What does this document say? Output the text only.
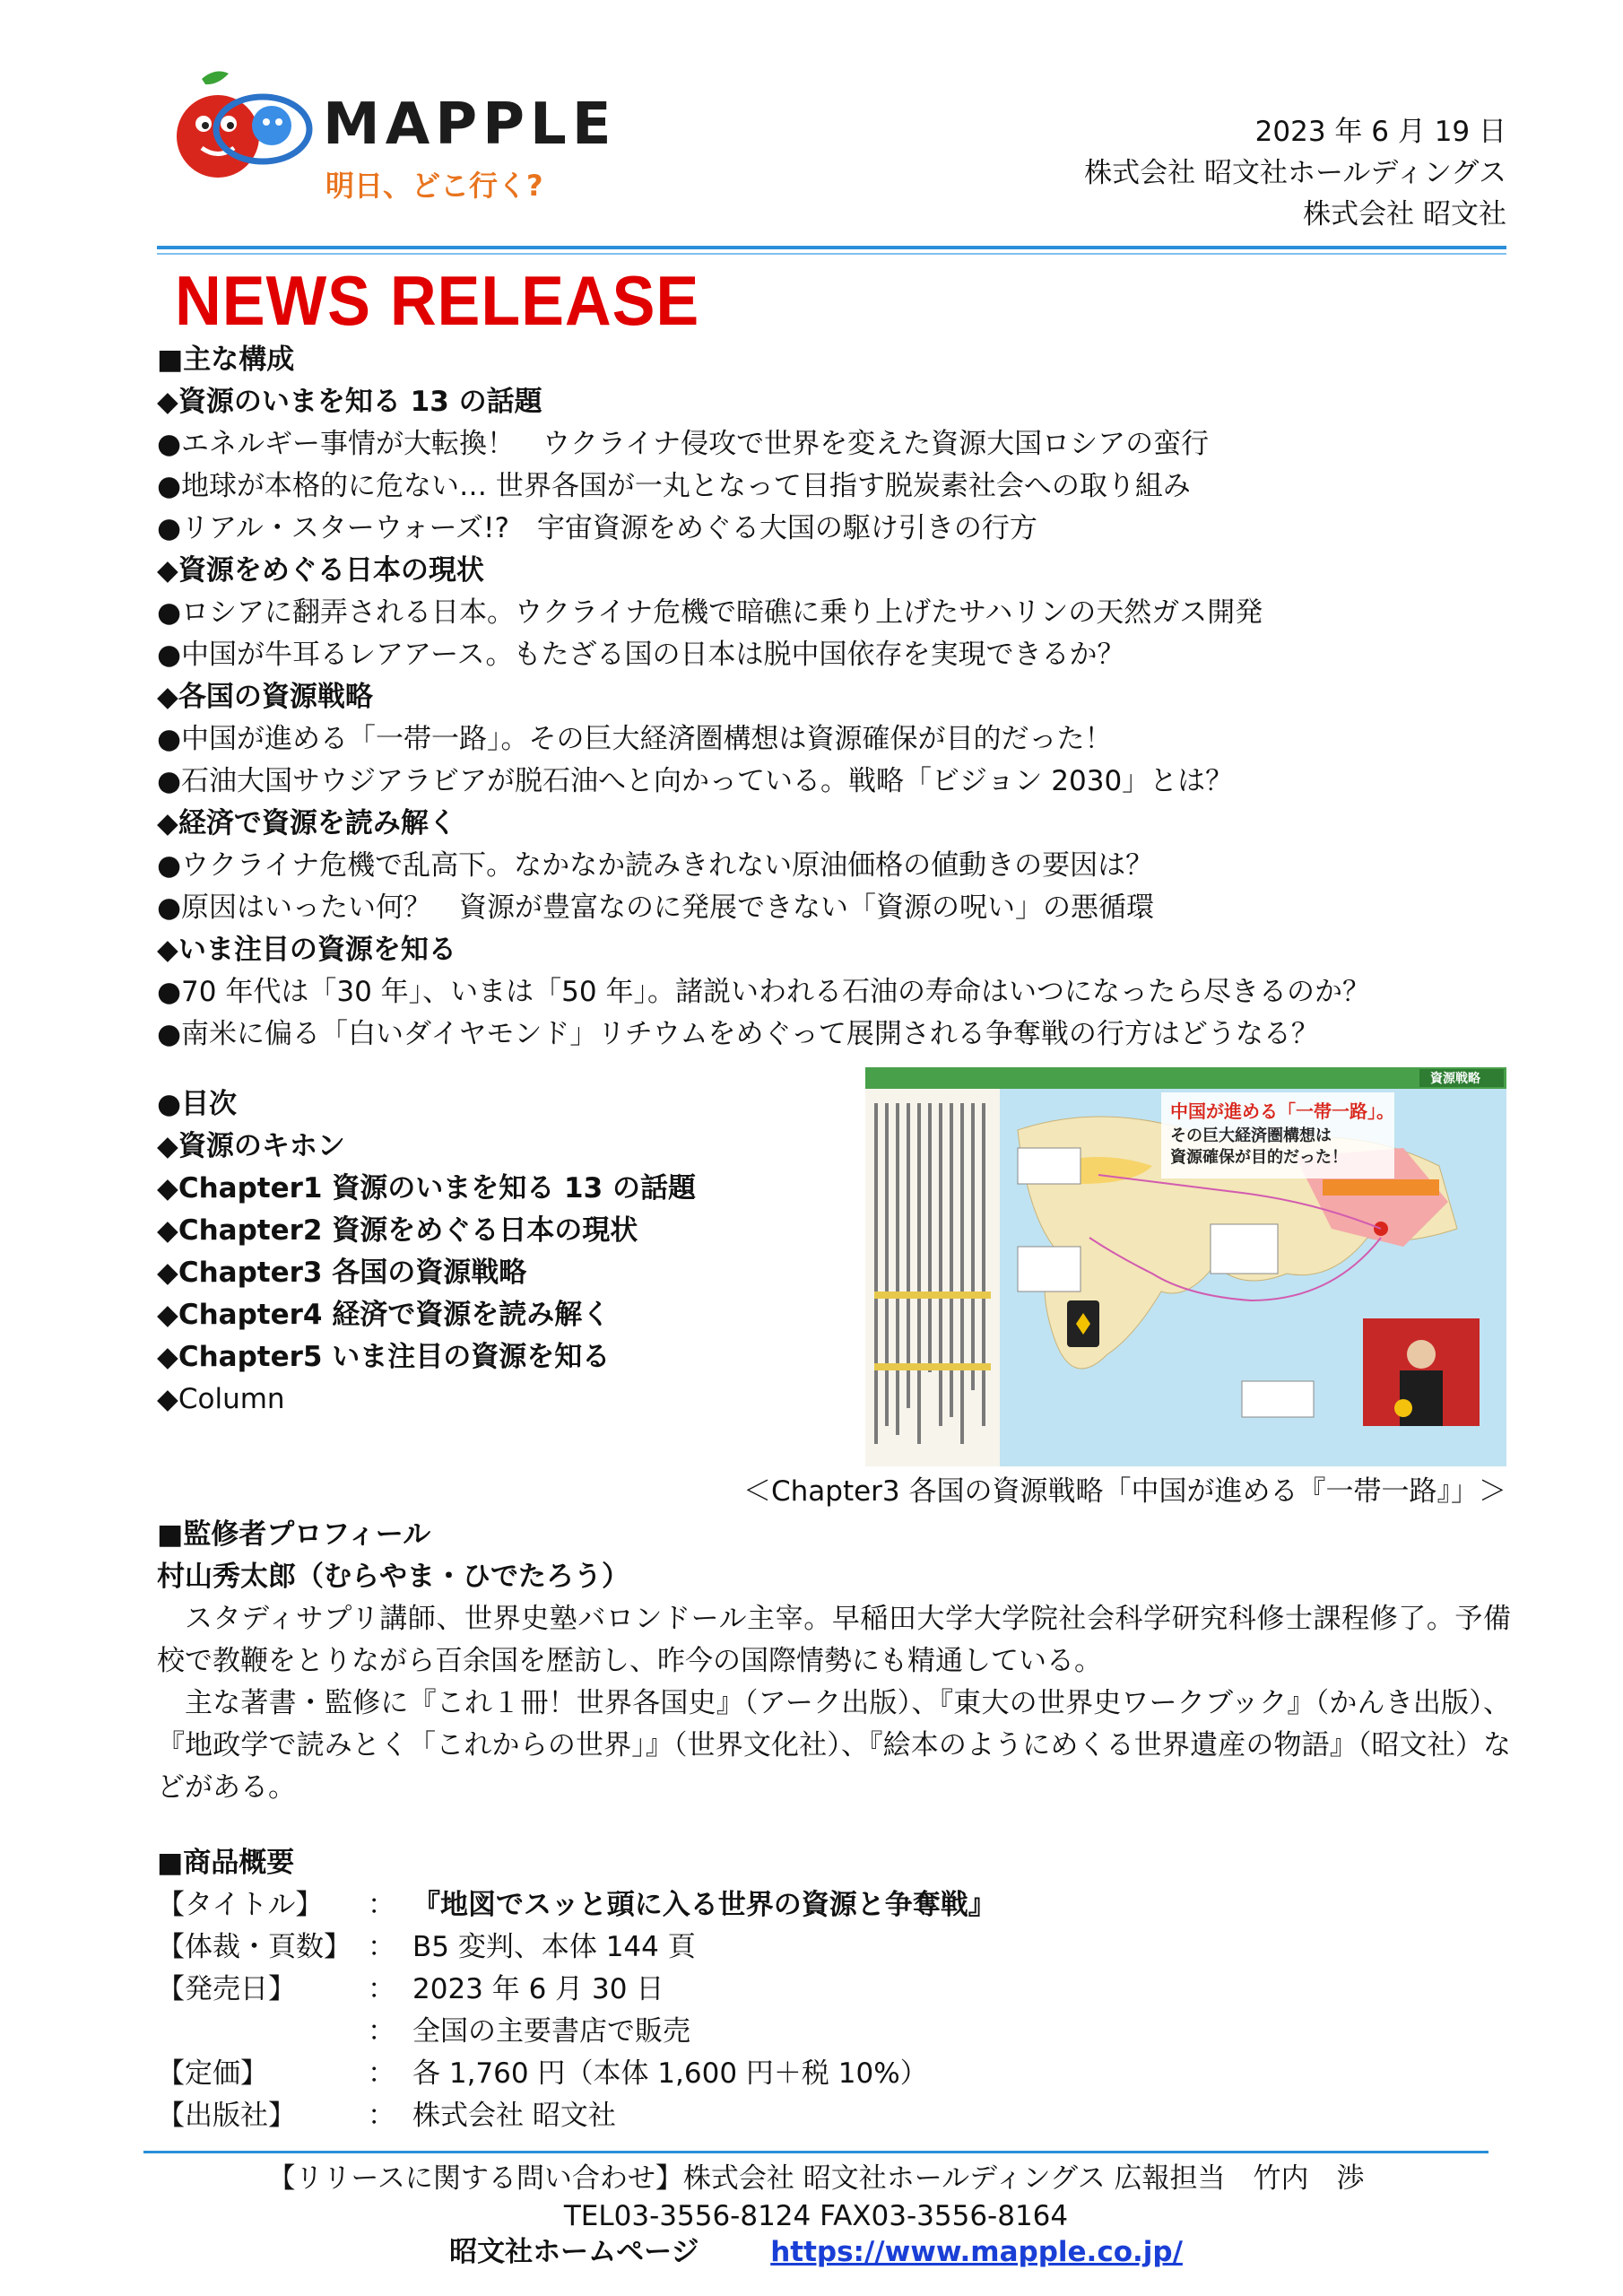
MAPPLE
明日、どこ行く?
2023 年 6 月 19 日
株式会社 昭文社ホールディングス
株式会社 昭文社
NEWS RELEASE
■主な構成
◆資源のいまを知る 13 の話題
●エネルギー事情が大転換！　ウクライナ侵攻で世界を変えた資源大国ロシアの蛮行
●地球が本格的に危ない… 世界各国が一丸となって目指す脱炭素社会への取り組み
●リアル・スターウォーズ!?　宇宙資源をめぐる大国の駆け引きの行方
◆資源をめぐる日本の現状
●ロシアに翻弄される日本。ウクライナ危機で暗礁に乗り上げたサハリンの天然ガス開発
●中国が牛耳るレアアース。もたざる国の日本は脱中国依存を実現できるか？
◆各国の資源戦略
●中国が進める「一帯一路」。その巨大経済圏構想は資源確保が目的だった！
●石油大国サウジアラビアが脱石油へと向かっている。戦略「ビジョン 2030」とは？
◆経済で資源を読み解く
●ウクライナ危機で乱高下。なかなか読みきれない原油価格の値動きの要因は？
●原因はいったい何？　資源が豊富なのに発展できない「資源の呪い」の悪循環
◆いま注目の資源を知る
●70 年代は「30 年」、いまは「50 年」。諸説いわれる石油の寿命はいつになったら尽きるのか？
●南米に偏る「白いダイヤモンド」リチウムをめぐって展開される争奪戦の行方はどうなる？
●目次
◆資源のキホン
◆Chapter1 資源のいまを知る 13 の話題
◆Chapter2 資源をめぐる日本の現状
◆Chapter3 各国の資源戦略
◆Chapter4 経済で資源を読み解く
◆Chapter5 いま注目の資源を知る
◆Column
中国が進める「一帯一路」。
その巨大経済圏構想は
資源確保が目的だった！
資源戦略
＜Chapter3 各国の資源戦略「中国が進める『一帯一路』」＞
■監修者プロフィール
村山秀太郎（むらやま・ひでたろう）
スタディサプリ講師、世界史塾バロンドール主宰。早稲田大学大学院社会科学研究科修士課程修了。予備校で教鞭をとりながら百余国を歴訪し、昨今の国際情勢にも精通している。
主な著書・監修に『これ１冊！世界各国史』（アーク出版）、『東大の世界史ワークブック』（かんき出版）、『地政学で読みとく「これからの世界」』（世界文化社）、『絵本のようにめくる世界遺産の物語』（昭文社）などがある。
■商品概要
【タイトル】	： 『地図でスッと頭に入る世界の資源と争奪戦』
【体裁・頁数】 ： B5 変判、本体 144 頁
【発売日】	： 2023 年 6 月 30 日
： 全国の主要書店で販売
【定価】	： 各 1,760 円（本体 1,600 円＋税 10%）
【出版社】	： 株式会社 昭文社
【リリースに関する問い合わせ】株式会社 昭文社ホールディングス 広報担当　竹内　渉
TEL03-3556-8124 FAX03-3556-8164
昭文社ホームページ	https://www.mapple.co.jp/
